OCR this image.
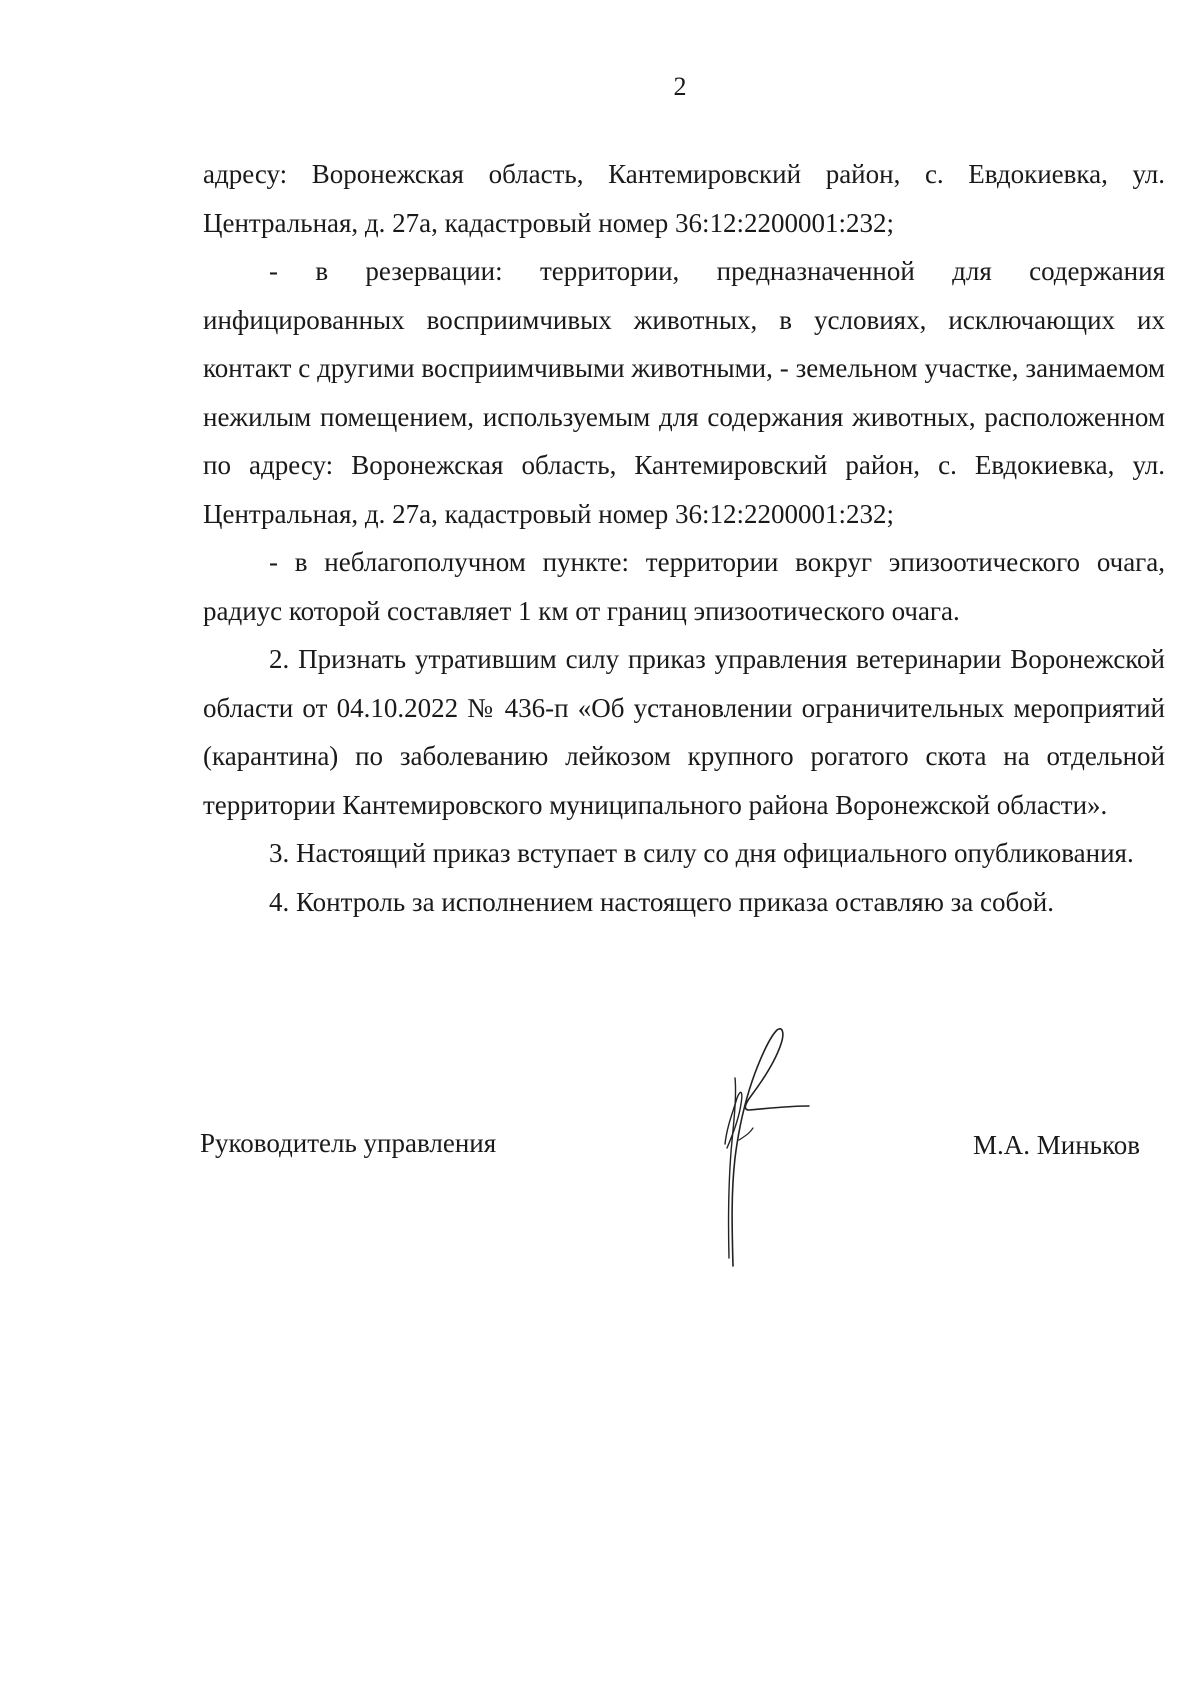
2

адресу: Воронежская область, Кантемировский район, с. Евдокиевка, ул. Центральная, д. 27а, кадастровый номер 36:12:2200001:232;

- в резервации: территории, предназначенной для содержания инфицированных восприимчивых животных, в условиях, исключающих их контакт с другими восприимчивыми животными, - земельном участке, занимаемом нежилым помещением, используемым для содержания животных, расположенном по адресу: Воронежская область, Кантемировский район, с. Евдокиевка, ул. Центральная, д. 27а, кадастровый номер 36:12:2200001:232;

- в неблагополучном пункте: территории вокруг эпизоотического очага, радиус которой составляет 1 км от границ эпизоотического очага.

2. Признать утратившим силу приказ управления ветеринарии Воронежской области от 04.10.2022 № 436-п «Об установлении ограничительных мероприятий (карантина) по заболеванию лейкозом крупного рогатого скота на отдельной территории Кантемировского муниципального района Воронежской области».

3. Настоящий приказ вступает в силу со дня официального опубликования.

4. Контроль за исполнением настоящего приказа оставляю за собой.

Руководитель управления	М.А. Миньков
